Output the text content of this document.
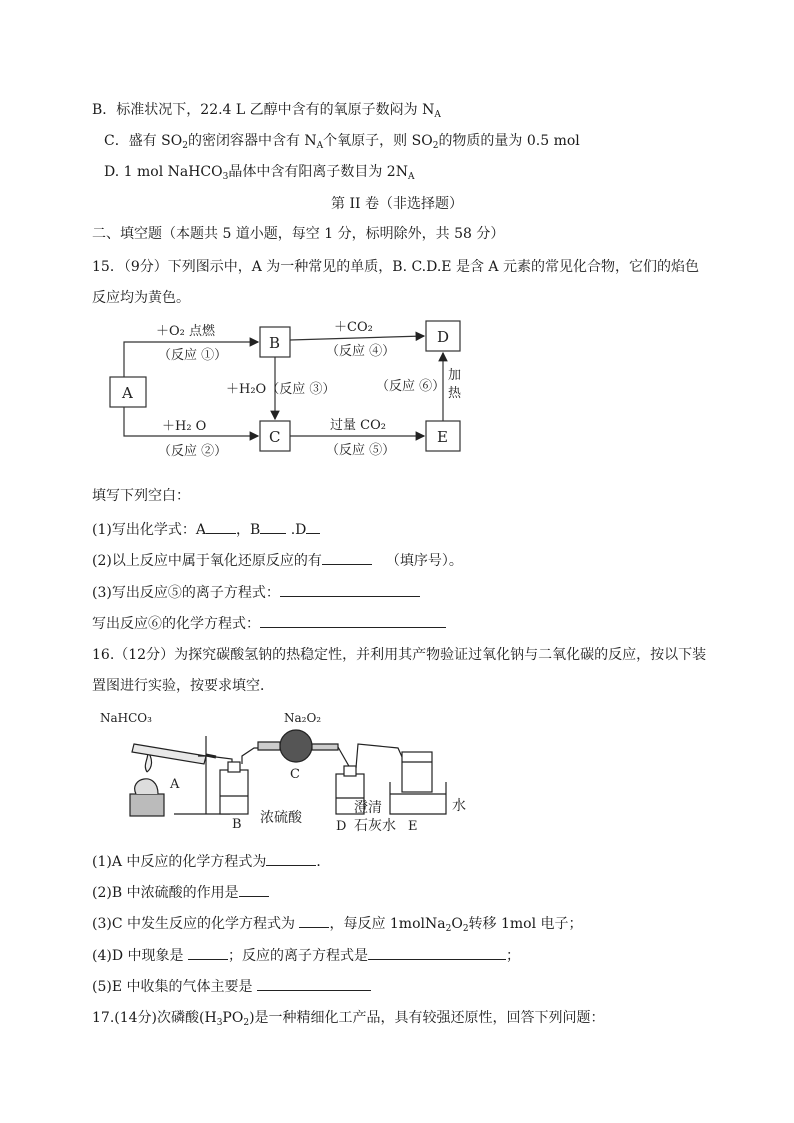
B．标准状况下，22.4 L 乙醇中含有的氧原子数闷为 $N_A$
C．盛有 $SO_2$的密闭容器中含有 $N_A$个氧原子，则 $SO_2$的物质的量为 0.5 mol
D. 1 mol NaHCO$_3$晶体中含有阳离子数目为 $2N_A$
第 II 卷（非选择题）
二、填空题（本题共 5 道小题，每空 1 分，标明除外，共 58 分）
15．（9分）下列图示中，A 为一种常见的单质，B. C.D.E 是含 A 元素的常见化合物，它们的焰色
反应均为黄色。
A
B
C
D
E
＋O₂ 点燃
（反应 ①）
＋H₂ O
（反应 ②）
＋H₂O（反应 ③）
＋CO₂
（反应 ④）
过量 CO₂
（反应 ⑤）
（反应 ⑥）
加
热
填写下列空白：
(1)写出化学式：A ，B .D
(2)以上反应中属于氧化还原反应的有	（填序号）。
(3)写出反应⑤的离子方程式：
写出反应⑥的化学方程式：
16.（12分）为探究碳酸氢钠的热稳定性，并利用其产物验证过氧化钠与二氧化碳的反应，按以下装
置图进行实验，按要求填空．
NaHCO₃	Na₂O₂
A
B
C
D	E
浓硫酸
澄清
石灰水
水
(1)A 中反应的化学方程式为	．
(2)B 中浓硫酸的作用是
(3)C 中发生反应的化学方程式为 ，每反应 $1molNa_2O_2$转移 1mol 电子；
(4)D 中现象是	；反应的离子方程式是	；
(5)E 中收集的气体主要是
17.(14分)次磷酸$(H_3PO_2)$是一种精细化工产品，具有较强还原性，回答下列问题：
